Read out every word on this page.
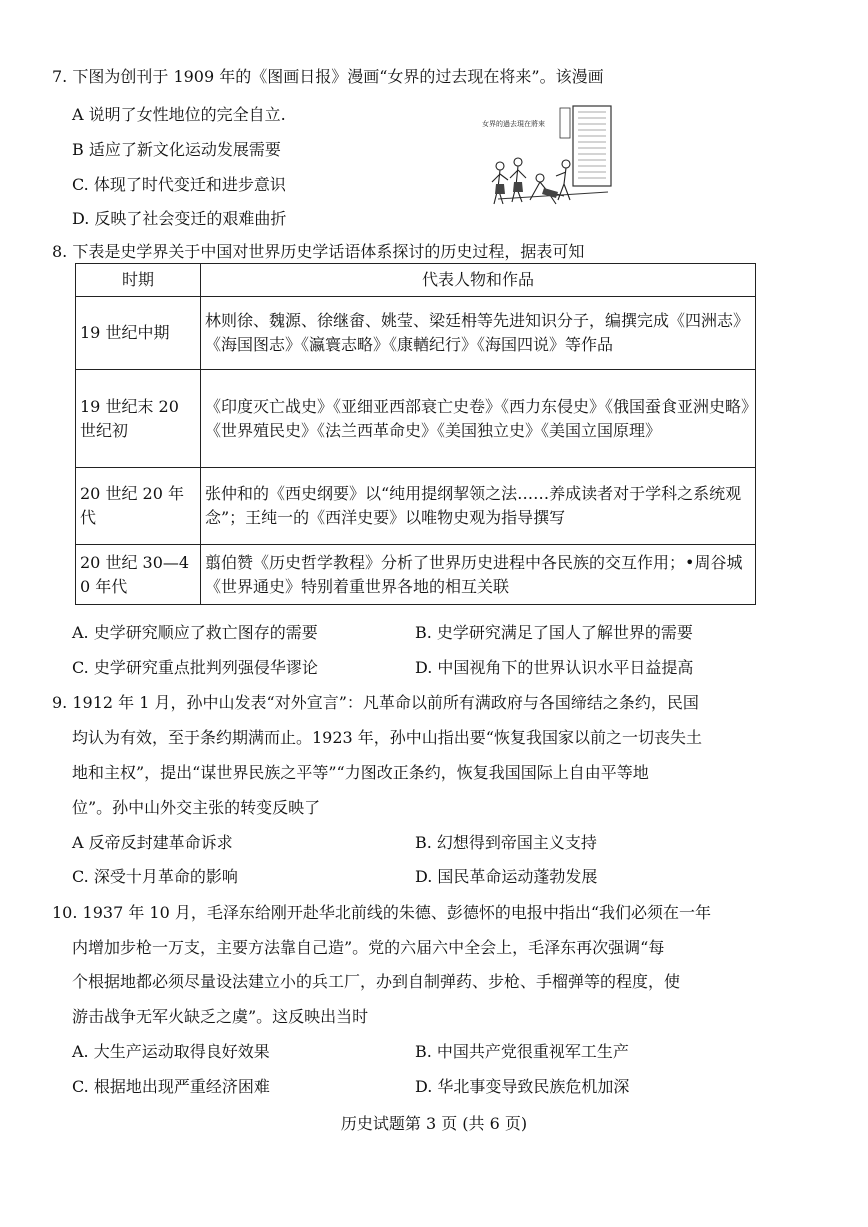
7. 下图为创刊于 1909 年的《图画日报》漫画“女界的过去现在将来”。该漫画
A 说明了女性地位的完全自立.
B 适应了新文化运动发展需要
C. 体现了时代变迁和进步意识
D. 反映了社会变迁的艰难曲折
女界的過去現在將來
8. 下表是史学界关于中国对世界历史学话语体系探讨的历史过程，据表可知
时期	代表人物和作品
19 世纪中期	林则徐、魏源、徐继畲、姚莹、梁廷枏等先进知识分子，编撰完成《四洲志》《海国图志》《瀛寰志略》《康輶纪行》《海国四说》等作品
19 世纪末 20 世纪初	《印度灭亡战史》《亚细亚西部衰亡史卷》《西力东侵史》《俄国蚕食亚洲史略》《世界殖民史》《法兰西革命史》《美国独立史》《美国立国原理》
20 世纪 20 年代	张仲和的《西史纲要》以“纯用提纲挈领之法……养成读者对于学科之系统观念”；王纯一的《西洋史要》以唯物史观为指导撰写
20 世纪 30—40 年代	翦伯赞《历史哲学教程》分析了世界历史进程中各民族的交互作用；•周谷城《世界通史》特别着重世界各地的相互关联
A. 史学研究顺应了救亡图存的需要	B. 史学研究满足了国人了解世界的需要
C. 史学研究重点批判列强侵华谬论	D. 中国视角下的世界认识水平日益提高
9. 1912 年 1 月，孙中山发表“对外宣言”：凡革命以前所有满政府与各国缔结之条约，民国
均认为有效，至于条约期满而止。1923 年，孙中山指出要“恢复我国家以前之一切丧失土
地和主权”，提出“谋世界民族之平等”“力图改正条约，恢复我国国际上自由平等地
位”。孙中山外交主张的转变反映了
A 反帝反封建革命诉求	B. 幻想得到帝国主义支持
C. 深受十月革命的影响	D. 国民革命运动蓬勃发展
10. 1937 年 10 月，毛泽东给刚开赴华北前线的朱德、彭德怀的电报中指出“我们必须在一年
内增加步枪一万支，主要方法靠自己造”。党的六届六中全会上，毛泽东再次强调“每
个根据地都必须尽量设法建立小的兵工厂，办到自制弹药、步枪、手榴弹等的程度，使
游击战争无军火缺乏之虞”。这反映出当时
A. 大生产运动取得良好效果	B. 中国共产党很重视军工生产
C. 根据地出现严重经济困难	D. 华北事变导致民族危机加深
历史试题第 3 页 (共 6 页)
